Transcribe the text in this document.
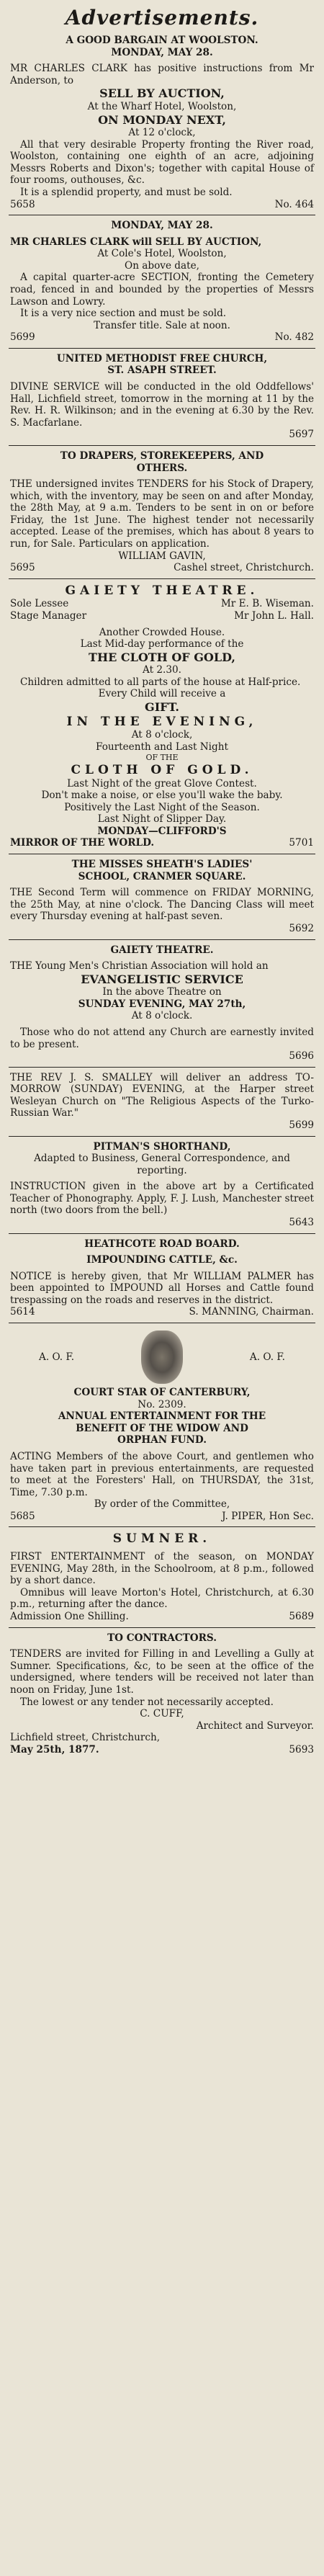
Advertisements.

A GOOD BARGAIN AT WOOLSTON.

MONDAY, MAY 28.

MR CHARLES CLARK has positive instructions from Mr Anderson, to

SELL BY AUCTION,

At the Wharf Hotel, Woolston,

ON MONDAY NEXT,

At 12 o'clock,

All that very desirable Property fronting the River road, Woolston, containing one eighth of an acre, adjoining Messrs Roberts and Dixon's; together with capital House of four rooms, outhouses, &c.

It is a splendid property, and must be sold.

5658	No. 464

MONDAY, MAY 28.

MR CHARLES CLARK will SELL BY AUCTION,

At Cole's Hotel, Woolston,

On above date,

A capital quarter-acre SECTION, fronting the Cemetery road, fenced in and bounded by the properties of Messrs Lawson and Lowry.

It is a very nice section and must be sold.

Transfer title. Sale at noon.

5699	No. 482

UNITED METHODIST FREE CHURCH,

ST. ASAPH STREET.

DIVINE SERVICE will be conducted in the old Oddfellows' Hall, Lichfield street, tomorrow in the morning at 11 by the Rev. H. R. Wilkinson; and in the evening at 6.30 by the Rev. S. Macfarlane.

5697

TO DRAPERS, STOREKEEPERS, AND

OTHERS.

THE undersigned invites TENDERS for his Stock of Drapery, which, with the inventory, may be seen on and after Monday, the 28th May, at 9 a.m. Tenders to be sent in on or before Friday, the 1st June. The highest tender not necessarily accepted. Lease of the premises, which has about 8 years to run, for Sale. Particulars on application.

WILLIAM GAVIN,

5695	Cashel street, Christchurch.

GAIETY THEATRE.

Sole Lessee	Mr E. B. Wiseman.
Stage Manager	Mr John L. Hall.

Another Crowded House.

Last Mid-day performance of the

THE CLOTH OF GOLD,

At 2.30.

Children admitted to all parts of the house at Half-price.

Every Child will receive a

GIFT.

IN THE EVENING,

At 8 o'clock,

Fourteenth and Last Night

OF THE

CLOTH OF GOLD.

Last Night of the great Glove Contest.

Don't make a noise, or else you'll wake the baby.

Positively the Last Night of the Season.

Last Night of Slipper Day.

MONDAY—CLIFFORD'S

MIRROR OF THE WORLD.	5701

THE MISSES SHEATH'S LADIES'

SCHOOL, CRANMER SQUARE.

THE Second Term will commence on FRIDAY MORNING, the 25th May, at nine o'clock. The Dancing Class will meet every Thursday evening at half-past seven.

5692

GAIETY THEATRE.

THE Young Men's Christian Association will hold an

EVANGELISTIC SERVICE

In the above Theatre on

SUNDAY EVENING, MAY 27th,

At 8 o'clock.

Those who do not attend any Church are earnestly invited to be present.

5696

THE REV J. S. SMALLEY will deliver an address TO-MORROW (SUNDAY) EVENING, at the Harper street Wesleyan Church on "The Religious Aspects of the Turko-Russian War."

5699

PITMAN'S SHORTHAND,

Adapted to Business, General Correspondence, and reporting.

INSTRUCTION given in the above art by a Certificated Teacher of Phonography. Apply, F. J. Lush, Manchester street north (two doors from the bell.)

5643

HEATHCOTE ROAD BOARD.

IMPOUNDING CATTLE, &c.

NOTICE is hereby given, that Mr WILLIAM PALMER has been appointed to IMPOUND all Horses and Cattle found trespassing on the roads and reserves in the district.

5614	S. MANNING, Chairman.
A. O. F.	A. O. F.

COURT STAR OF CANTERBURY,

No. 2309.

ANNUAL ENTERTAINMENT FOR THE

BENEFIT OF THE WIDOW AND

ORPHAN FUND.

ACTING Members of the above Court, and gentlemen who have taken part in previous entertainments, are requested to meet at the Foresters' Hall, on THURSDAY, the 31st, Time, 7.30 p.m.

By order of the Committee,

5685	J. PIPER, Hon Sec.

SUMNER.

FIRST ENTERTAINMENT of the season, on MONDAY EVENING, May 28th, in the Schoolroom, at 8 p.m., followed by a short dance.

Omnibus will leave Morton's Hotel, Christchurch, at 6.30 p.m., returning after the dance.

Admission One Shilling.	5689

TO CONTRACTORS.

TENDERS are invited for Filling in and Levelling a Gully at Sumner. Specifications, &c, to be seen at the office of the undersigned, where tenders will be received not later than noon on Friday, June 1st.

The lowest or any tender not necessarily accepted.

C. CUFF,

Architect and Surveyor.

Lichfield street, Christchurch,

May 25th, 1877.	5693
